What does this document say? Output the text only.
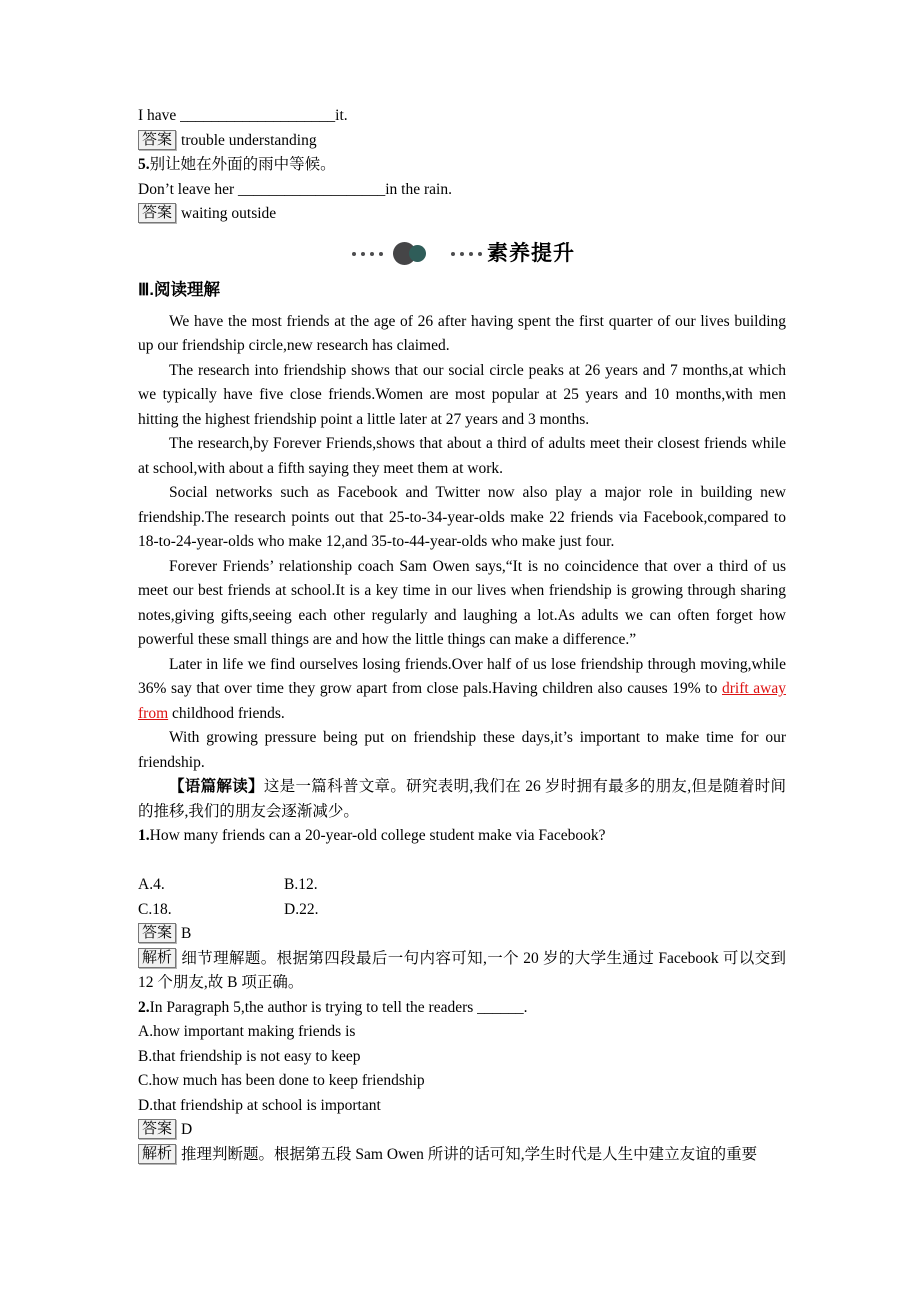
I have ____________________it.

答案 trouble understanding

5.别让她在外面的雨中等候。

Don’t leave her ___________________in the rain.

答案 waiting outside

素养提升
Ⅲ.阅读理解

We have the most friends at the age of 26 after having spent the first quarter of our lives building up our friendship circle,new research has claimed.

The research into friendship shows that our social circle peaks at 26 years and 7 months,at which we typically have five close friends.Women are most popular at 25 years and 10 months,with men hitting the highest friendship point a little later at 27 years and 3 months.

The research,by Forever Friends,shows that about a third of adults meet their closest friends while at school,with about a fifth saying they meet them at work.

Social networks such as Facebook and Twitter now also play a major role in building new friendship.The research points out that 25-to-34-year-olds make 22 friends via Facebook,compared to 18-to-24-year-olds who make 12,and 35-to-44-year-olds who make just four.

Forever Friends’ relationship coach Sam Owen says,“It is no coincidence that over a third of us meet our best friends at school.It is a key time in our lives when friendship is growing through sharing notes,giving gifts,seeing each other regularly and laughing a lot.As adults we can often forget how powerful these small things are and how the little things can make a difference.”

Later in life we find ourselves losing friends.Over half of us lose friendship through moving,while 36% say that over time they grow apart from close pals.Having children also causes 19% to drift away from childhood friends.

With growing pressure being put on friendship these days,it’s important to make time for our friendship.

【语篇解读】这是一篇科普文章。研究表明,我们在 26 岁时拥有最多的朋友,但是随着时间的推移,我们的朋友会逐渐减少。

1.How many friends can a 20-year-old college student make via Facebook?

A.4.	B.12.
C.18.	D.22.

答案 B

解析 细节理解题。根据第四段最后一句内容可知,一个 20 岁的大学生通过 Facebook 可以交到 12 个朋友,故 B 项正确。

2.In Paragraph 5,the author is trying to tell the readers ______.

A.how important making friends is

B.that friendship is not easy to keep

C.how much has been done to keep friendship

D.that friendship at school is important

答案 D

解析 推理判断题。根据第五段 Sam Owen 所讲的话可知,学生时代是人生中建立友谊的重要
